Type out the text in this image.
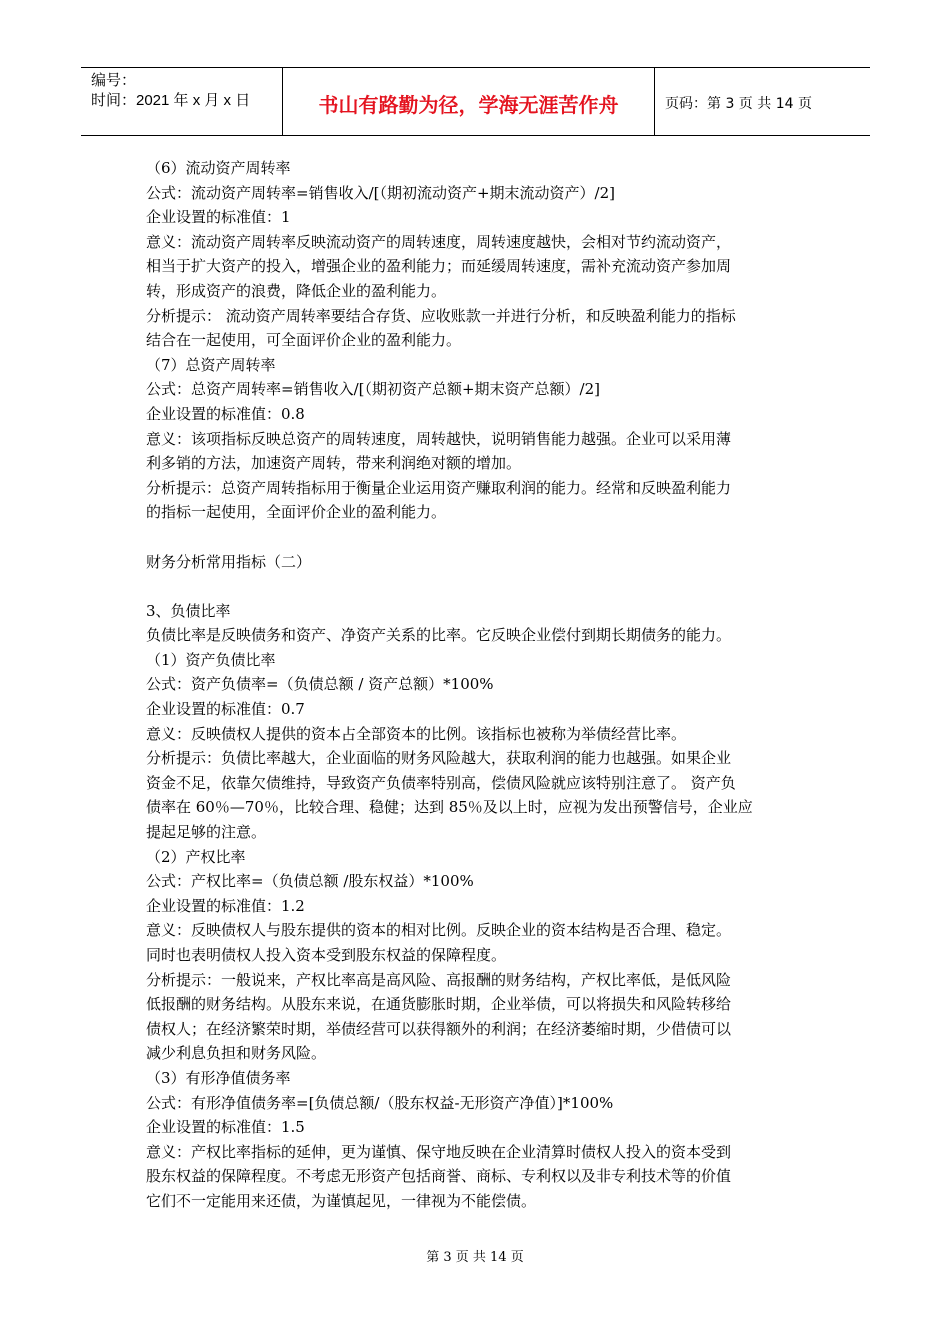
编号：
时间：2021 年 x 月 x 日	书山有路勤为径，学海无涯苦作舟	页码：第 3 页 共 14 页

（6）流动资产周转率

公式：流动资产周转率=销售收入/[（期初流动资产+期末流动资产）/2]

企业设置的标准值：1

意义：流动资产周转率反映流动资产的周转速度，周转速度越快，会相对节约流动资产，

相当于扩大资产的投入，增强企业的盈利能力；而延缓周转速度，需补充流动资产参加周

转，形成资产的浪费，降低企业的盈利能力。

分析提示： 流动资产周转率要结合存货、应收账款一并进行分析，和反映盈利能力的指标

结合在一起使用，可全面评价企业的盈利能力。

（7）总资产周转率

公式：总资产周转率=销售收入/[（期初资产总额+期末资产总额）/2]

企业设置的标准值：0.8

意义：该项指标反映总资产的周转速度，周转越快，说明销售能力越强。企业可以采用薄

利多销的方法，加速资产周转，带来利润绝对额的增加。

分析提示：总资产周转指标用于衡量企业运用资产赚取利润的能力。经常和反映盈利能力

的指标一起使用，全面评价企业的盈利能力。

财务分析常用指标（二）

3、负债比率

负债比率是反映债务和资产、净资产关系的比率。它反映企业偿付到期长期债务的能力。

（1）资产负债比率

公式：资产负债率=（负债总额 / 资产总额）*100%

企业设置的标准值：0.7

意义：反映债权人提供的资本占全部资本的比例。该指标也被称为举债经营比率。

分析提示：负债比率越大，企业面临的财务风险越大，获取利润的能力也越强。如果企业

资金不足，依靠欠债维持，导致资产负债率特别高，偿债风险就应该特别注意了。 资产负

债率在 60％—70％，比较合理、稳健；达到 85％及以上时，应视为发出预警信号，企业应

提起足够的注意。

（2）产权比率

公式：产权比率=（负债总额 /股东权益）*100%

企业设置的标准值：1.2

意义：反映债权人与股东提供的资本的相对比例。反映企业的资本结构是否合理、稳定。

同时也表明债权人投入资本受到股东权益的保障程度。

分析提示：一般说来，产权比率高是高风险、高报酬的财务结构，产权比率低，是低风险

低报酬的财务结构。从股东来说，在通货膨胀时期，企业举债，可以将损失和风险转移给

债权人；在经济繁荣时期，举债经营可以获得额外的利润；在经济萎缩时期，少借债可以

减少利息负担和财务风险。

（3）有形净值债务率

公式：有形净值债务率=[负债总额/（股东权益-无形资产净值）]*100%

企业设置的标准值：1.5

意义：产权比率指标的延伸，更为谨慎、保守地反映在企业清算时债权人投入的资本受到

股东权益的保障程度。不考虑无形资产包括商誉、商标、专利权以及非专利技术等的价值

它们不一定能用来还债，为谨慎起见，一律视为不能偿债。

第 3 页 共 14 页
